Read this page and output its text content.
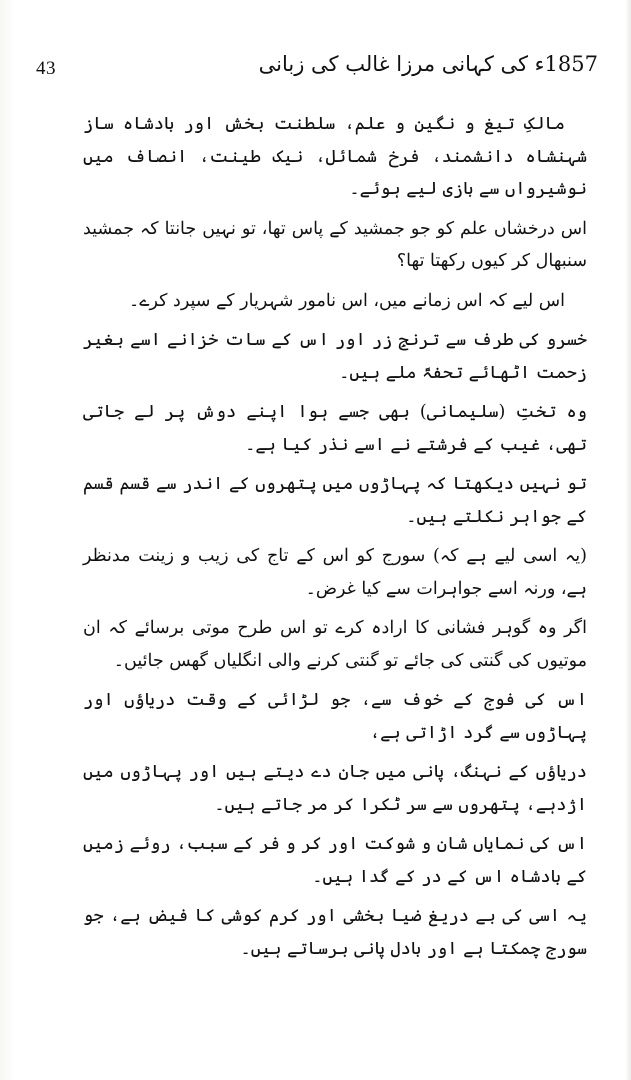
43	1857ء کی کہانی مرزا غالب کی زبانی

مالکِ تیغ و نگین و علم، سلطنت بخش اور بادشاہ ساز شہنشاہ دانشمند، فرخ شمائل، نیک طینت، انصاف میں نوشیرواں سے بازی لیے ہوئے۔

اس درخشاں علم کو جو جمشید کے پاس تھا، تو نہیں جانتا کہ جمشید سنبھال کر کیوں رکھتا تھا؟

اس لیے کہ اس زمانے میں، اس نامور شہریار کے سپرد کرے۔

خسرو کی طرف سے ترنجِ زر اور اس کے سات خزانے اسے بغیر زحمت اٹھائے تحفۃً ملے ہیں۔

وہ تختِ (سلیمانی) بھی جسے ہوا اپنے دوش پر لے جاتی تھی، غیب کے فرشتے نے اسے نذر کیا ہے۔

تو نہیں دیکھتا کہ پہاڑوں میں پتھروں کے اندر سے قسم قسم کے جواہر نکلتے ہیں۔

(یہ اسی لیے ہے کہ) سورج کو اس کے تاج کی زیب و زینت مدنظر ہے، ورنہ اسے جواہرات سے کیا غرض۔

اگر وہ گوہر فشانی کا ارادہ کرے تو اس طرح موتی برسائے کہ ان موتیوں کی گنتی کی جائے تو گنتی کرنے والی انگلیاں گھس جائیں۔

اس کی فوج کے خوف سے، جو لڑائی کے وقت دریاؤں اور پہاڑوں سے گرد اڑاتی ہے،

دریاؤں کے نہنگ، پانی میں جان دے دیتے ہیں اور پہاڑوں میں اژدہے، پتھروں سے سر ٹکرا کر مر جاتے ہیں۔

اس کی نمایاں شان و شوکت اور کر و فر کے سبب، روئے زمیں کے بادشاہ اس کے در کے گدا ہیں۔

یہ اسی کی بے دریغ ضیا بخشی اور کرم کوشی کا فیض ہے، جو سورج چمکتا ہے اور بادل پانی برساتے ہیں۔
